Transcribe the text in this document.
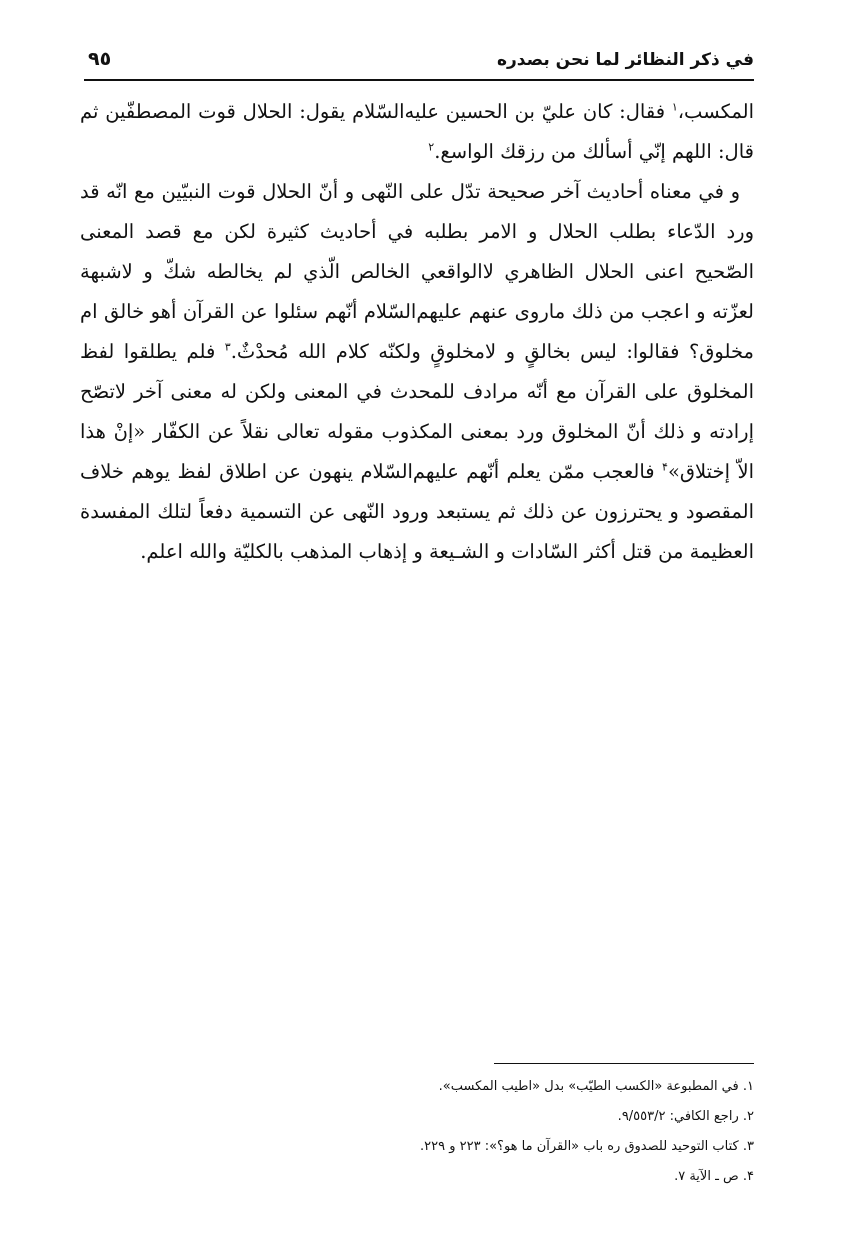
في ذكر النظائر لما نحن بصدره
٩٥

المكسب،$^١$ فقال: كان عليّ بن الحسين عليه‌السّلام يقول: الحلال قوت المصطفّين ثم قال: اللهم إنّي أسألك من رزقك الواسع.$^٢$

و في معناه أحاديث آخر صحيحة تدّل على النّهى و أنّ الحلال قوت النبيّين مع انّه قد ورد الدّعاء بطلب الحلال و الامر بطلبه في أحاديث كثيرة لكن مع قصد المعنى الصّحيح اعنى الحلال الظاهري لاالواقعي الخالص الّذي لم يخالطه شكّ و لاشبهة لعزّته و اعجب من ذلك ماروى عنهم عليهم‌السّلام أنّهم سئلوا عن القرآن أهو خالق ام مخلوق؟ فقالوا: ليس بخالقٍ و لامخلوقٍ ولكنّه كلام الله مُحدْثٌ.$^٣$ فلم يطلقوا لفظ المخلوق على القرآن مع أنّه مرادف للمحدث في المعنى ولكن له معنى آخر لاتصّح إرادته و ذلك أنّ المخلوق ورد بمعنى المكذوب مقوله تعالى نقلاً عن الكفّار «إنْ هذا الاّ إختلاق»$^۴$ فالعجب ممّن يعلم أنّهم عليهم‌السّلام ينهون عن اطلاق لفظ يوهم خلاف المقصود و يحترزون عن ذلك ثم يستبعد ورود النّهى عن التسمية دفعاً لتلك المفسدة العظيمة من قتل أكثر السّادات و الشـيعة و إذهاب المذهب بالكليّة والله اعلم.

١. في المطبوعة «الكسب الطيّب» بدل «اطيب المكسب».
٢. راجع الكافي: ٩/٥٥٣/٢.
٣. كتاب التوحيد للصدوق ره باب «القرآن ما هو؟»: ٢٢٣ و ٢٢٩.
۴. ص ـ الآية ٧.
